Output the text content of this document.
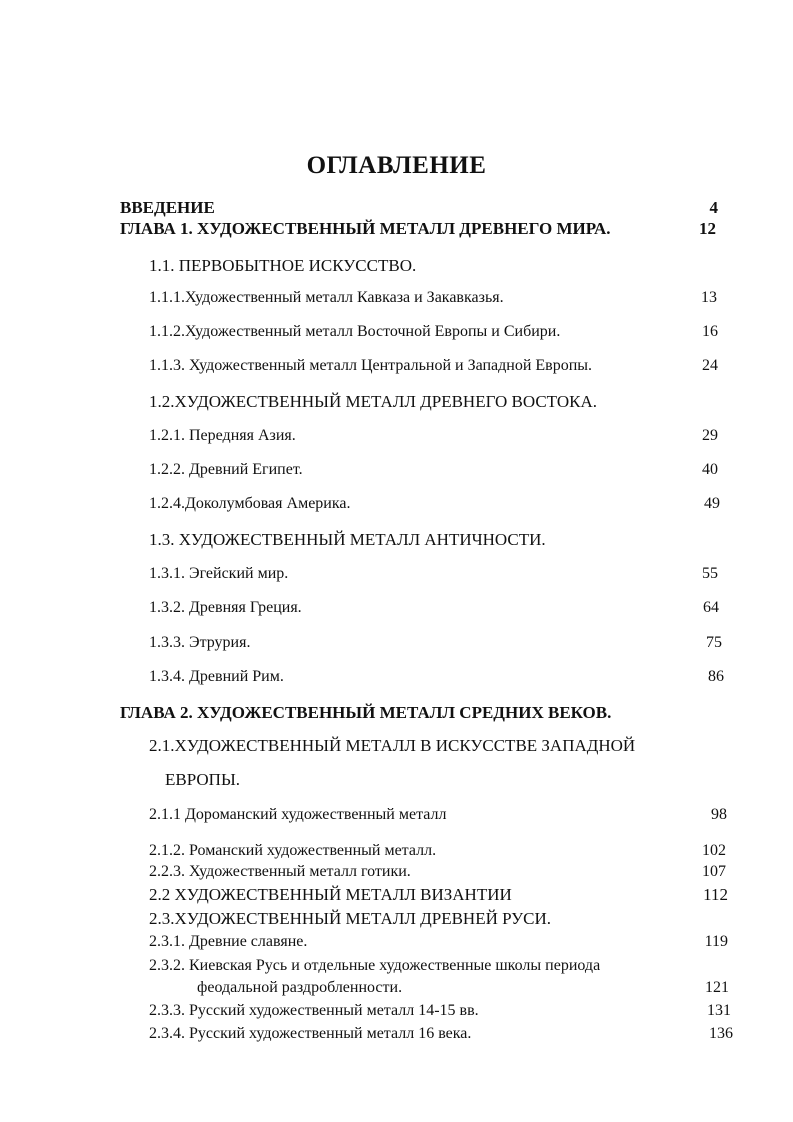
ОГЛАВЛЕНИЕ
ВВЕДЕНИЕ	4
ГЛАВА 1. ХУДОЖЕСТВЕННЫЙ МЕТАЛЛ ДРЕВНЕГО МИРА.	12
1.1. ПЕРВОБЫТНОЕ ИСКУССТВО.
1.1.1.Художественный металл Кавказа и Закавказья.	13
1.1.2.Художественный металл Восточной Европы и Сибири.	16
1.1.3. Художественный металл Центральной и Западной Европы.	24
1.2.ХУДОЖЕСТВЕННЫЙ МЕТАЛЛ ДРЕВНЕГО ВОСТОКА.
1.2.1. Передняя Азия.	29
1.2.2. Древний Египет.	40
1.2.4.Доколумбовая Америка.	49
1.3. ХУДОЖЕСТВЕННЫЙ МЕТАЛЛ АНТИЧНОСТИ.
1.3.1. Эгейский мир.	55
1.3.2. Древняя Греция.	64
1.3.3. Этрурия.	75
1.3.4. Древний Рим.	86
ГЛАВА 2. ХУДОЖЕСТВЕННЫЙ МЕТАЛЛ СРЕДНИХ ВЕКОВ.
2.1.ХУДОЖЕСТВЕННЫЙ МЕТАЛЛ В ИСКУССТВЕ ЗАПАДНОЙ
ЕВРОПЫ.
2.1.1 Дороманский художественный металл	98
2.1.2. Романский художественный металл.	102
2.2.3. Художественный металл готики.	107
2.2 ХУДОЖЕСТВЕННЫЙ МЕТАЛЛ ВИЗАНТИИ	112
2.3.ХУДОЖЕСТВЕННЫЙ МЕТАЛЛ ДРЕВНЕЙ РУСИ.
2.3.1. Древние славяне.	119
2.3.2. Киевская Русь и отдельные художественные школы периода
феодальной раздробленности.	121
2.3.3. Русский художественный металл 14-15 вв.	131
2.3.4. Русский художественный металл 16 века.	136
